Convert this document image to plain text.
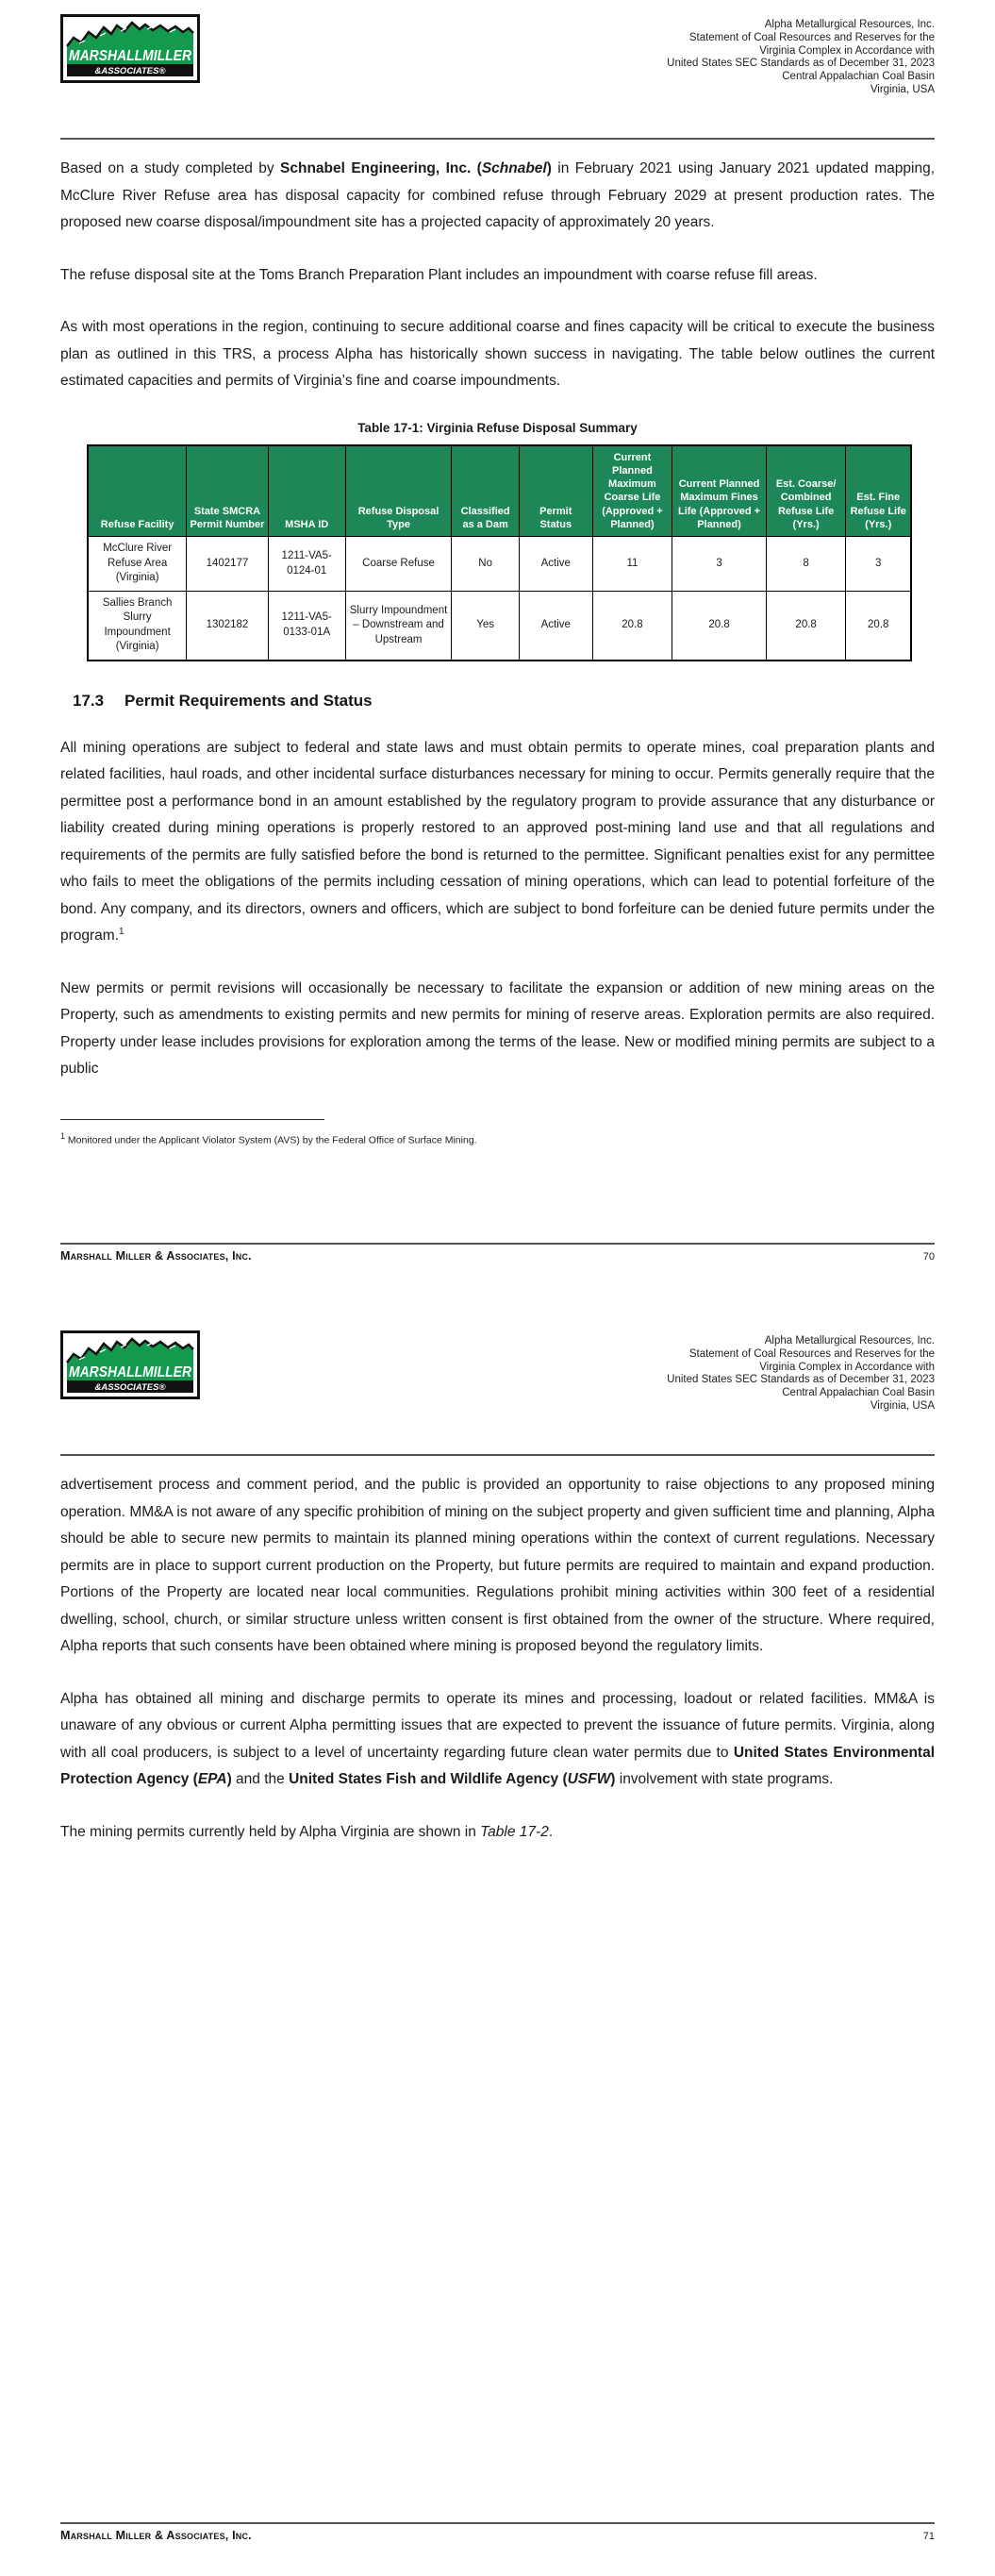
MARSHALLMILLER
&ASSOCIATES®
Alpha Metallurgical Resources, Inc.
Statement of Coal Resources and Reserves for the
Virginia Complex in Accordance with
United States SEC Standards as of December 31, 2023
Central Appalachian Coal Basin
Virginia, USA

Based on a study completed by Schnabel Engineering, Inc. (Schnabel) in February 2021 using January 2021 updated mapping, McClure River Refuse area has disposal capacity for combined refuse through February 2029 at present production rates. The proposed new coarse disposal/impoundment site has a projected capacity of approximately 20 years.

The refuse disposal site at the Toms Branch Preparation Plant includes an impoundment with coarse refuse fill areas.

As with most operations in the region, continuing to secure additional coarse and fines capacity will be critical to execute the business plan as outlined in this TRS, a process Alpha has historically shown success in navigating. The table below outlines the current estimated capacities and permits of Virginia’s fine and coarse impoundments.

Table 17-1: Virginia Refuse Disposal Summary
Refuse Facility	State SMCRA Permit Number	MSHA ID	Refuse Disposal Type	Classified as a Dam	Permit Status	Current Planned Maximum Coarse Life (Approved + Planned)	Current Planned Maximum Fines Life (Approved + Planned)	Est. Coarse/ Combined Refuse Life (Yrs.)	Est. Fine Refuse Life (Yrs.)
McClure River Refuse Area (Virginia)	1402177	1211-VA5-0124-01	Coarse Refuse	No	Active	11	3	8	3
Sallies Branch Slurry Impoundment (Virginia)	1302182	1211-VA5-0133-01A	Slurry Impoundment – Downstream and Upstream	Yes	Active	20.8	20.8	20.8	20.8
17.3	Permit Requirements and Status

All mining operations are subject to federal and state laws and must obtain permits to operate mines, coal preparation plants and related facilities, haul roads, and other incidental surface disturbances necessary for mining to occur. Permits generally require that the permittee post a performance bond in an amount established by the regulatory program to provide assurance that any disturbance or liability created during mining operations is properly restored to an approved post-mining land use and that all regulations and requirements of the permits are fully satisfied before the bond is returned to the permittee. Significant penalties exist for any permittee who fails to meet the obligations of the permits including cessation of mining operations, which can lead to potential forfeiture of the bond. Any company, and its directors, owners and officers, which are subject to bond forfeiture can be denied future permits under the program.$^1$

New permits or permit revisions will occasionally be necessary to facilitate the expansion or addition of new mining areas on the Property, such as amendments to existing permits and new permits for mining of reserve areas. Exploration permits are also required. Property under lease includes provisions for exploration among the terms of the lease. New or modified mining permits are subject to a public

1 Monitored under the Applicant Violator System (AVS) by the Federal Office of Surface Mining.
Marshall Miller & Associates, Inc.	70
MARSHALLMILLER
&ASSOCIATES®
Alpha Metallurgical Resources, Inc.
Statement of Coal Resources and Reserves for the
Virginia Complex in Accordance with
United States SEC Standards as of December 31, 2023
Central Appalachian Coal Basin
Virginia, USA

advertisement process and comment period, and the public is provided an opportunity to raise objections to any proposed mining operation. MM&A is not aware of any specific prohibition of mining on the subject property and given sufficient time and planning, Alpha should be able to secure new permits to maintain its planned mining operations within the context of current regulations. Necessary permits are in place to support current production on the Property, but future permits are required to maintain and expand production. Portions of the Property are located near local communities. Regulations prohibit mining activities within 300 feet of a residential dwelling, school, church, or similar structure unless written consent is first obtained from the owner of the structure. Where required, Alpha reports that such consents have been obtained where mining is proposed beyond the regulatory limits.

Alpha has obtained all mining and discharge permits to operate its mines and processing, loadout or related facilities. MM&A is unaware of any obvious or current Alpha permitting issues that are expected to prevent the issuance of future permits. Virginia, along with all coal producers, is subject to a level of uncertainty regarding future clean water permits due to United States Environmental Protection Agency (EPA) and the United States Fish and Wildlife Agency (USFW) involvement with state programs.

The mining permits currently held by Alpha Virginia are shown in Table 17-2.

Marshall Miller & Associates, Inc.	71
